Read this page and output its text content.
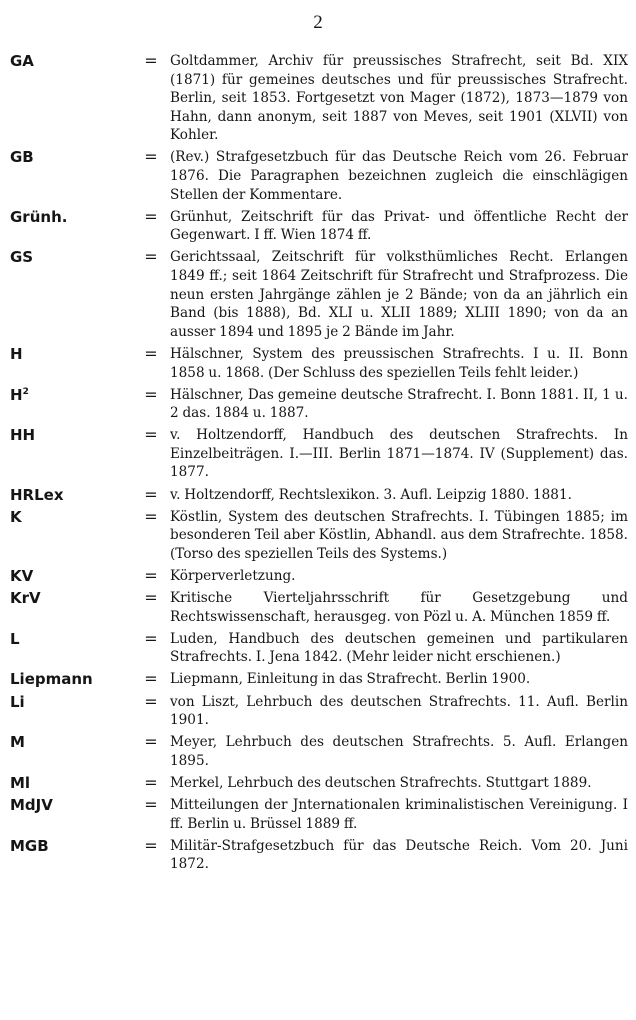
2
GA	= Goltdammer, Archiv für preussisches Strafrecht, seit Bd. XIX (1871) für gemeines deutsches und für preussisches Strafrecht. Berlin, seit 1853. Fortgesetzt von Mager (1872), 1873—1879 von Hahn, dann anonym, seit 1887 von Meves, seit 1901 (XLVII) von Kohler.
GB	= (Rev.) Strafgesetzbuch für das Deutsche Reich vom 26. Februar 1876. Die Paragraphen bezeichnen zugleich die einschlägigen Stellen der Kommentare.
Grünh.	= Grünhut, Zeitschrift für das Privat- und öffentliche Recht der Gegenwart. I ff. Wien 1874 ff.
GS	= Gerichtssaal, Zeitschrift für volksthümliches Recht. Erlangen 1849 ff.; seit 1864 Zeitschrift für Strafrecht und Strafprozess. Die neun ersten Jahrgänge zählen je 2 Bände; von da an jährlich ein Band (bis 1888), Bd. XLI u. XLII 1889; XLIII 1890; von da an ausser 1894 und 1895 je 2 Bände im Jahr.
H	= Hälschner, System des preussischen Strafrechts. I u. II. Bonn 1858 u. 1868. (Der Schluss des speziellen Teils fehlt leider.)
$H^2$	= Hälschner, Das gemeine deutsche Strafrecht. I. Bonn 1881. II, 1 u. 2 das. 1884 u. 1887.
HH	= v. Holtzendorff, Handbuch des deutschen Strafrechts. In Einzelbeiträgen. I.—III. Berlin 1871—1874. IV (Supplement) das. 1877.
HRLex	= v. Holtzendorff, Rechtslexikon. 3. Aufl. Leipzig 1880. 1881.
K	= Köstlin, System des deutschen Strafrechts. I. Tübingen 1885; im besonderen Teil aber Köstlin, Abhandl. aus dem Strafrechte. 1858. (Torso des speziellen Teils des Systems.)
KV	= Körperverletzung.
KrV	= Kritische Vierteljahrsschrift für Gesetzgebung und Rechtswissenschaft, herausgeg. von Pözl u. A. München 1859 ff.
L	= Luden, Handbuch des deutschen gemeinen und partikularen Strafrechts. I. Jena 1842. (Mehr leider nicht erschienen.)
Liepmann	= Liepmann, Einleitung in das Strafrecht. Berlin 1900.
Li	= von Liszt, Lehrbuch des deutschen Strafrechts. 11. Aufl. Berlin 1901.
M	= Meyer, Lehrbuch des deutschen Strafrechts. 5. Aufl. Erlangen 1895.
Ml	= Merkel, Lehrbuch des deutschen Strafrechts. Stuttgart 1889.
MdJV	= Mitteilungen der Jnternationalen kriminalistischen Vereinigung. I ff. Berlin u. Brüssel 1889 ff.
MGB	= Militär-Strafgesetzbuch für das Deutsche Reich. Vom 20. Juni 1872.
